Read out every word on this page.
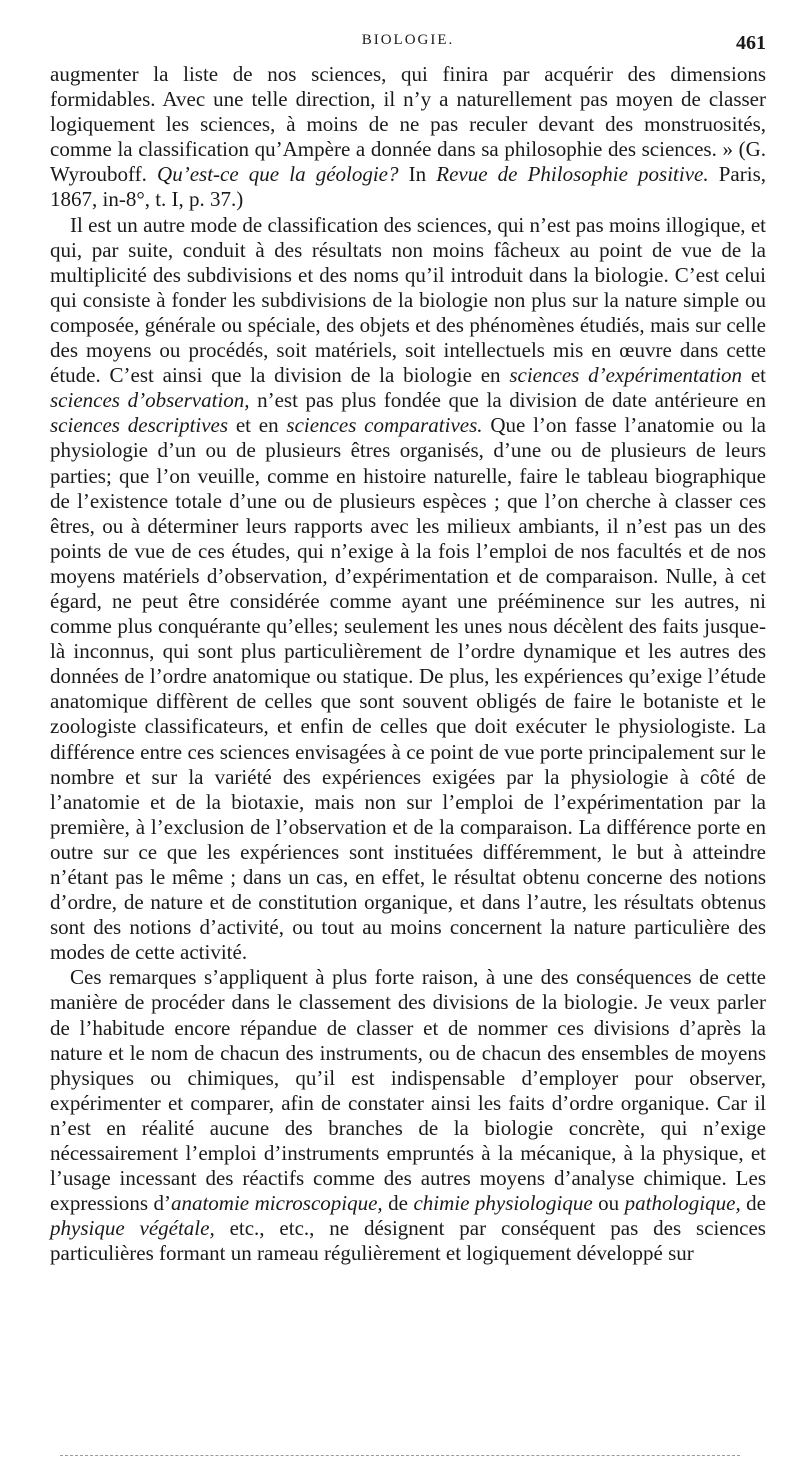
BIOLOGIE.	461

augmenter la liste de nos sciences, qui finira par acquérir des dimensions formidables. Avec une telle direction, il n’y a naturellement pas moyen de classer logiquement les sciences, à moins de ne pas reculer devant des monstruosités, comme la classification qu’Ampère a donnée dans sa philosophie des sciences. » (G. Wyrouboff. Qu’est-ce que la géologie? In Revue de Philosophie positive. Paris, 1867, in-8°, t. I, p. 37.)

Il est un autre mode de classification des sciences, qui n’est pas moins illogique, et qui, par suite, conduit à des résultats non moins fâcheux au point de vue de la multiplicité des subdivisions et des noms qu’il introduit dans la biologie. C’est celui qui consiste à fonder les subdivisions de la biologie non plus sur la nature simple ou composée, générale ou spéciale, des objets et des phénomènes étudiés, mais sur celle des moyens ou procédés, soit matériels, soit intellectuels mis en œuvre dans cette étude. C’est ainsi que la division de la biologie en sciences d’expérimentation et sciences d’observation, n’est pas plus fondée que la division de date antérieure en sciences descriptives et en sciences comparatives. Que l’on fasse l’anatomie ou la physiologie d’un ou de plusieurs êtres organisés, d’une ou de plusieurs de leurs parties; que l’on veuille, comme en histoire naturelle, faire le tableau biographique de l’existence totale d’une ou de plusieurs espèces ; que l’on cherche à classer ces êtres, ou à déterminer leurs rapports avec les milieux ambiants, il n’est pas un des points de vue de ces études, qui n’exige à la fois l’emploi de nos facultés et de nos moyens matériels d’observation, d’expérimentation et de comparaison. Nulle, à cet égard, ne peut être considérée comme ayant une prééminence sur les autres, ni comme plus conquérante qu’elles; seulement les unes nous décèlent des faits jusque-là inconnus, qui sont plus particulièrement de l’ordre dynamique et les autres des données de l’ordre anatomique ou statique. De plus, les expériences qu’exige l’étude anatomique diffèrent de celles que sont souvent obligés de faire le botaniste et le zoologiste classificateurs, et enfin de celles que doit exécuter le physiologiste. La différence entre ces sciences envisagées à ce point de vue porte principalement sur le nombre et sur la variété des expériences exigées par la physiologie à côté de l’anatomie et de la biotaxie, mais non sur l’emploi de l’expérimentation par la première, à l’exclusion de l’observation et de la comparaison. La différence porte en outre sur ce que les expériences sont instituées différemment, le but à atteindre n’étant pas le même ; dans un cas, en effet, le résultat obtenu concerne des notions d’ordre, de nature et de constitution organique, et dans l’autre, les résultats obtenus sont des notions d’activité, ou tout au moins concernent la nature particulière des modes de cette activité.

Ces remarques s’appliquent à plus forte raison, à une des conséquences de cette manière de procéder dans le classement des divisions de la biologie. Je veux parler de l’habitude encore répandue de classer et de nommer ces divisions d’après la nature et le nom de chacun des instruments, ou de chacun des ensembles de moyens physiques ou chimiques, qu’il est indispensable d’employer pour observer, expérimenter et comparer, afin de constater ainsi les faits d’ordre organique. Car il n’est en réalité aucune des branches de la biologie concrète, qui n’exige nécessairement l’emploi d’instruments empruntés à la mécanique, à la physique, et l’usage incessant des réactifs comme des autres moyens d’analyse chimique. Les expressions d’anatomie microscopique, de chimie physiologique ou pathologique, de physique végétale, etc., etc., ne désignent par conséquent pas des sciences particulières formant un rameau régulièrement et logiquement développé sur
